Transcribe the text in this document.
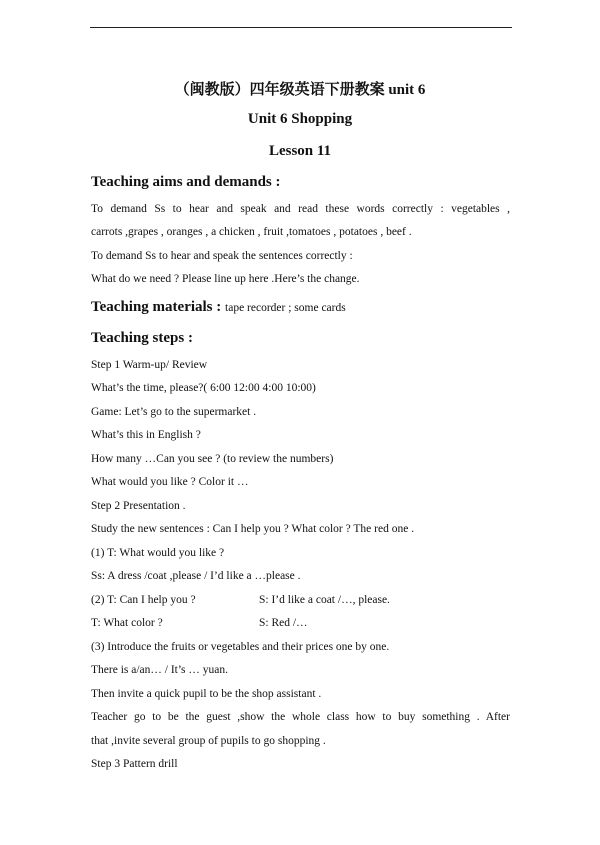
（闽教版）四年级英语下册教案 unit 6
Unit 6 Shopping
Lesson 11
Teaching aims and demands :
To demand Ss to hear and speak and read these words correctly : vegetables ,
carrots ,grapes , oranges , a chicken , fruit ,tomatoes , potatoes , beef .
To demand Ss to hear and speak the sentences correctly :
What do we need ? Please line up here .Here’s the change.
Teaching materials : tape recorder ; some cards
Teaching steps :
Step 1 Warm-up/ Review
What’s the time, please?( 6:00 12:00 4:00 10:00)
Game: Let’s go to the supermarket .
What’s this in English ?
How many …Can you see ? (to review the numbers)
What would you like ? Color it …
Step 2 Presentation .
Study the new sentences : Can I help you ? What color ? The red one .
(1) T: What would you like ?
Ss: A dress /coat ,please / I’d like a …please .
(2) T: Can I help you ?	S: I’d like a coat /…, please.
T: What color ?	S: Red /…
(3) Introduce the fruits or vegetables and their prices one by one.
There is a/an… / It’s … yuan.
Then invite a quick pupil to be the shop assistant .
Teacher go to be the guest ,show the whole class how to buy something . After
that ,invite several group of pupils to go shopping .
Step 3 Pattern drill
